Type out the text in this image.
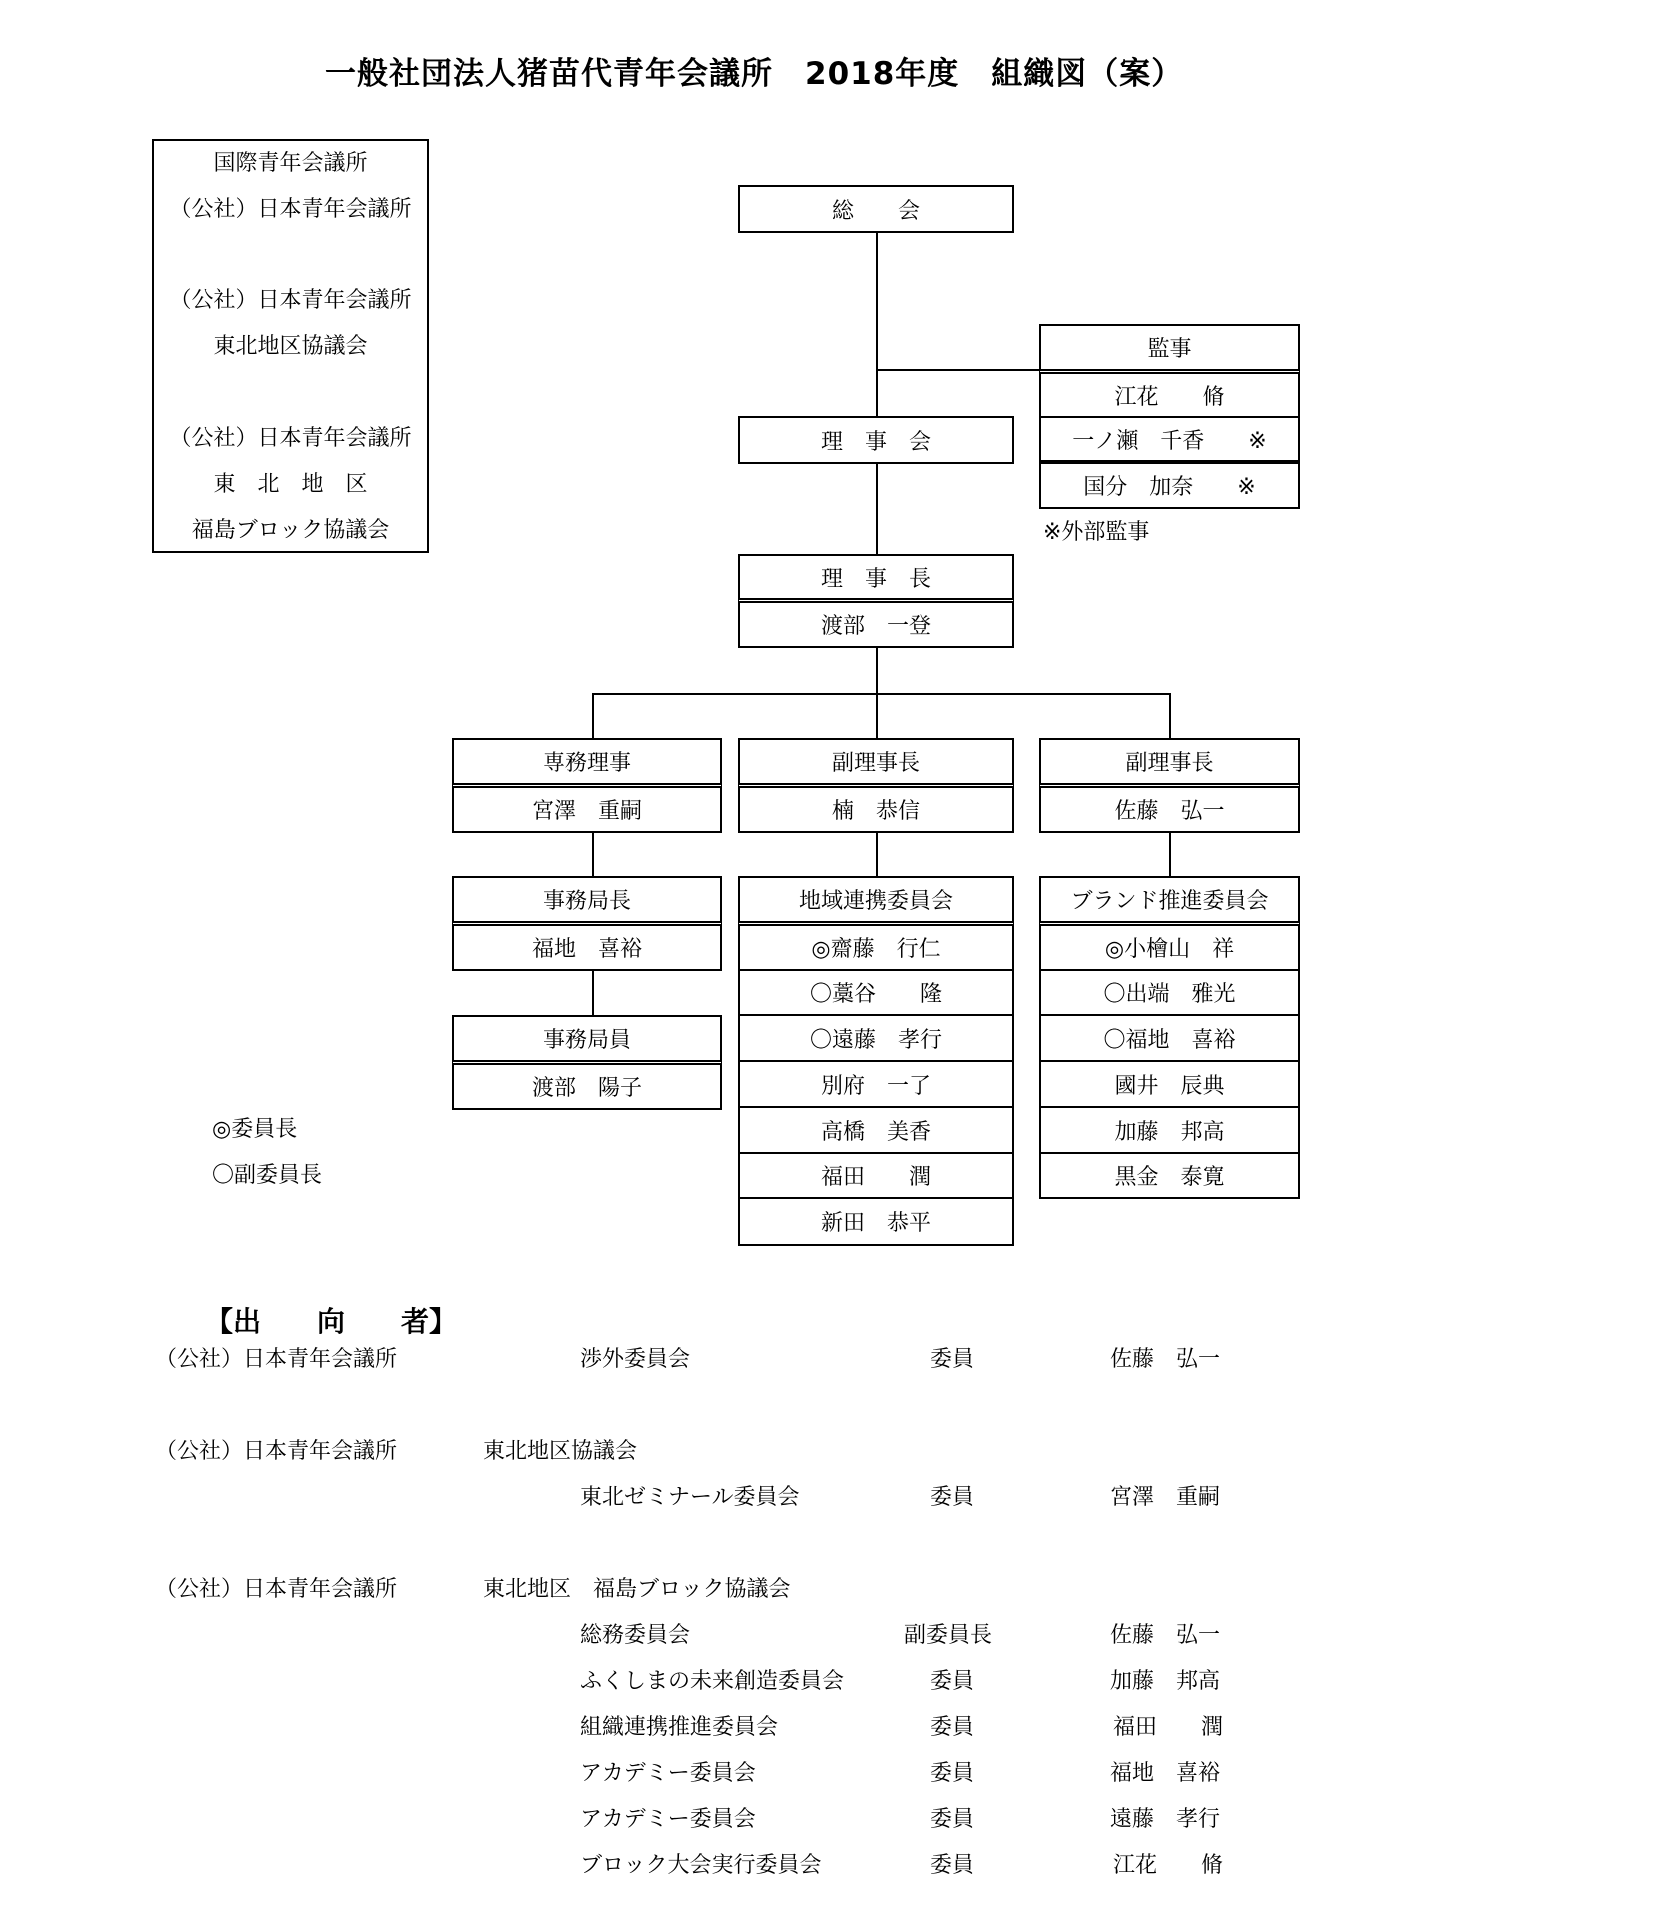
一般社団法人猪苗代青年会議所　2018年度　組織図（案）
国際青年会議所
（公社）日本青年会議所
（公社）日本青年会議所
東北地区協議会
（公社）日本青年会議所
東　北　地　区
福島ブロック協議会
総　　会
理　事　会
監事
江花　　脩
一ノ瀬　千香　　※
国分　加奈　　※
※外部監事
理　事　長
渡部　一登
専務理事
宮澤　重嗣
副理事長
楠　恭信
副理事長
佐藤　弘一
事務局長
福地　喜裕
事務局員
渡部　陽子
地域連携委員会
◎齋藤　行仁
〇藁谷　　隆
〇遠藤　孝行
別府　一了
高橋　美香
福田　　潤
新田　恭平
ブランド推進委員会
◎小檜山　祥
〇出端　雅光
〇福地　喜裕
國井　辰典
加藤　邦高
黒金　泰寛
◎委員長
〇副委員長
【出　　向　　者】
（公社）日本青年会議所	渉外委員会	委員	佐藤　弘一
（公社）日本青年会議所	東北地区協議会
東北ゼミナール委員会	委員	宮澤　重嗣
（公社）日本青年会議所	東北地区　福島ブロック協議会
総務委員会	副委員長	佐藤　弘一
ふくしまの未来創造委員会	委員	加藤　邦高
組織連携推進委員会	委員	福田　　潤
アカデミー委員会	委員	福地　喜裕
アカデミー委員会	委員	遠藤　孝行
ブロック大会実行委員会	委員	江花　　脩
